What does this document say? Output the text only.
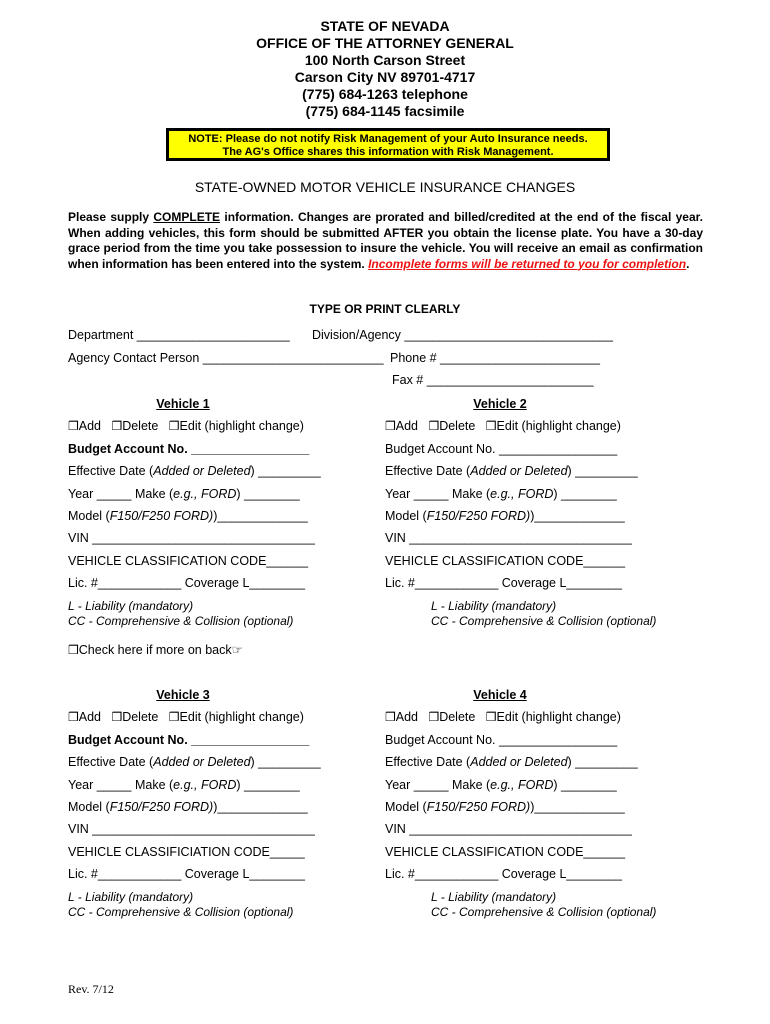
STATE OF NEVADA
OFFICE OF THE ATTORNEY GENERAL
100 North Carson Street
Carson City NV 89701-4717
(775) 684-1263 telephone
(775) 684-1145 facsimile
NOTE: Please do not notify Risk Management of your Auto Insurance needs.
The AG's Office shares this information with Risk Management.
STATE-OWNED MOTOR VEHICLE INSURANCE CHANGES
Please supply COMPLETE information. Changes are prorated and billed/credited at the end of the fiscal year. When adding vehicles, this form should be submitted AFTER you obtain the license plate. You have a 30-day grace period from the time you take possession to insure the vehicle. You will receive an email as confirmation when information has been entered into the system. Incomplete forms will be returned to you for completion.
TYPE OR PRINT CLEARLY
Department ______________________ Division/Agency ______________________________
Agency Contact Person __________________________ Phone # _______________________
Fax # ________________________
Vehicle 1
❒Add ❒Delete ❒Edit (highlight change)
Budget Account No. _________________
Effective Date (Added or Deleted) _________
Year _____ Make (e.g., FORD) ________
Model (F150/F250 FORD))_____________
VIN ________________________________
VEHICLE CLASSIFICATION CODE______
Lic. #____________ Coverage L________
L - Liability (mandatory)
CC - Comprehensive & Collision (optional)
Vehicle 2
❒Add ❒Delete ❒Edit (highlight change)
Budget Account No. _________________
Effective Date (Added or Deleted) _________
Year _____ Make (e.g., FORD) ________
Model (F150/F250 FORD))_____________
VIN ________________________________
VEHICLE CLASSIFICATION CODE______
Lic. #____________ Coverage L________
L - Liability (mandatory)
CC - Comprehensive & Collision (optional)
Vehicle 3
❒Add ❒Delete ❒Edit (highlight change)
Budget Account No. _________________
Effective Date (Added or Deleted) _________
Year _____ Make (e.g., FORD) ________
Model (F150/F250 FORD))_____________
VIN ________________________________
VEHICLE CLASSIFICIATION CODE_____
Lic. #____________ Coverage L________
L - Liability (mandatory)
CC - Comprehensive & Collision (optional)
Vehicle 4
❒Add ❒Delete ❒Edit (highlight change)
Budget Account No. _________________
Effective Date (Added or Deleted) _________
Year _____ Make (e.g., FORD) ________
Model (F150/F250 FORD))_____________
VIN ________________________________
VEHICLE CLASSIFICATION CODE______
Lic. #____________ Coverage L________
L - Liability (mandatory)
CC - Comprehensive & Collision (optional)
❒Check here if more on back☞
Rev. 7/12
